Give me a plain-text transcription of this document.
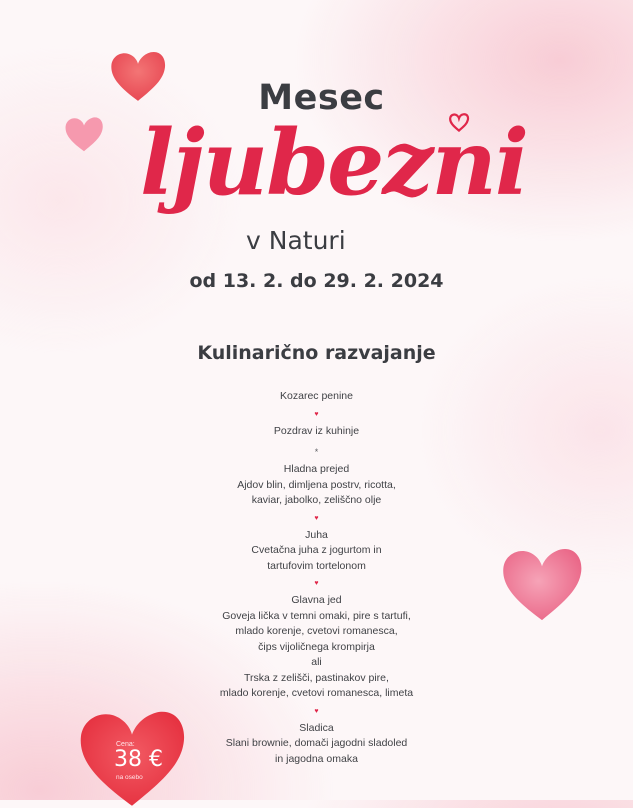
Mesec
ljubezni
v Naturi
od 13. 2. do 29. 2. 2024
Kulinarično razvajanje
Kozarec penine
♥
Pozdrav iz kuhinje
*
Hladna prejed
Ajdov blin, dimljena postrv, ricotta,
kaviar, jabolko, zeliščno olje
♥
Juha
Cvetačna juha z jogurtom in
tartufovim tortelonom
♥
Glavna jed
Goveja lička v temni omaki, pire s tartufi,
mlado korenje, cvetovi romanesca,
čips vijoličnega krompirja
ali
Trska z zelišči, pastinakov pire,
mlado korenje, cvetovi romanesca, limeta
♥
Sladica
Slani brownie, domači jagodni sladoled
in jagodna omaka
Cena:
38 €
na osebo
